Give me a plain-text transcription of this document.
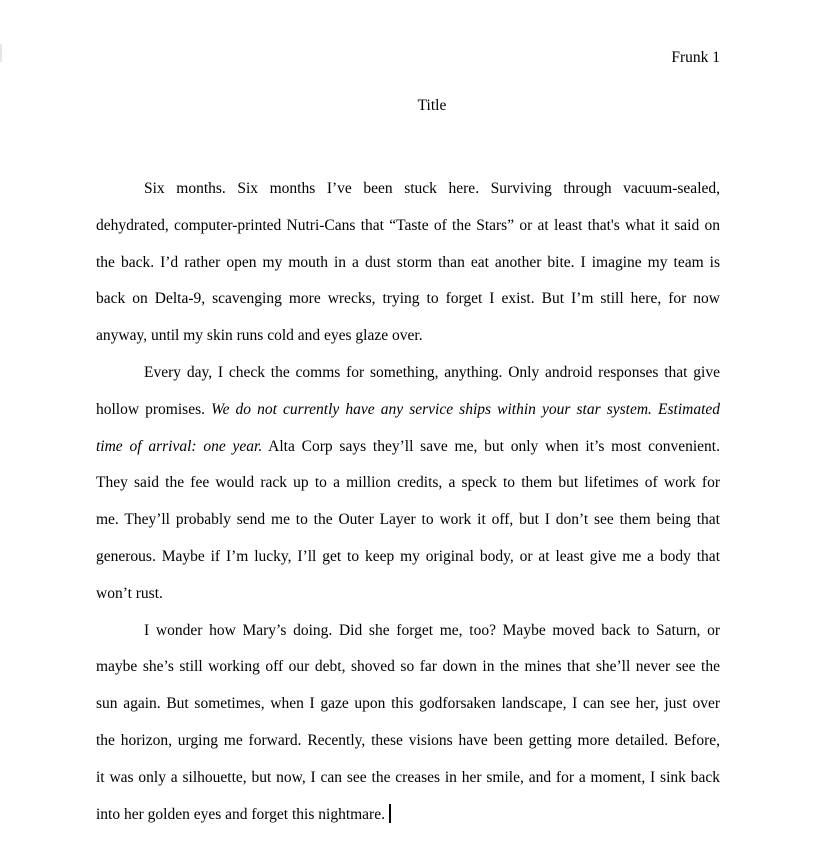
Frunk 1
Title
Six months. Six months I’ve been stuck here. Surviving through vacuum-sealed,
dehydrated, computer-printed Nutri-Cans that “Taste of the Stars” or at least that's what it said on
the back. I’d rather open my mouth in a dust storm than eat another bite. I imagine my team is
back on Delta-9, scavenging more wrecks, trying to forget I exist. But I’m still here, for now
anyway, until my skin runs cold and eyes glaze over.
Every day, I check the comms for something, anything. Only android responses that give
hollow promises. We do not currently have any service ships within your star system. Estimated
time of arrival: one year. Alta Corp says they’ll save me, but only when it’s most convenient.
They said the fee would rack up to a million credits, a speck to them but lifetimes of work for
me. They’ll probably send me to the Outer Layer to work it off, but I don’t see them being that
generous. Maybe if I’m lucky, I’ll get to keep my original body, or at least give me a body that
won’t rust.
I wonder how Mary’s doing. Did she forget me, too? Maybe moved back to Saturn, or
maybe she’s still working off our debt, shoved so far down in the mines that she’ll never see the
sun again. But sometimes, when I gaze upon this godforsaken landscape, I can see her, just over
the horizon, urging me forward. Recently, these visions have been getting more detailed. Before,
it was only a silhouette, but now, I can see the creases in her smile, and for a moment, I sink back
into her golden eyes and forget this nightmare.
